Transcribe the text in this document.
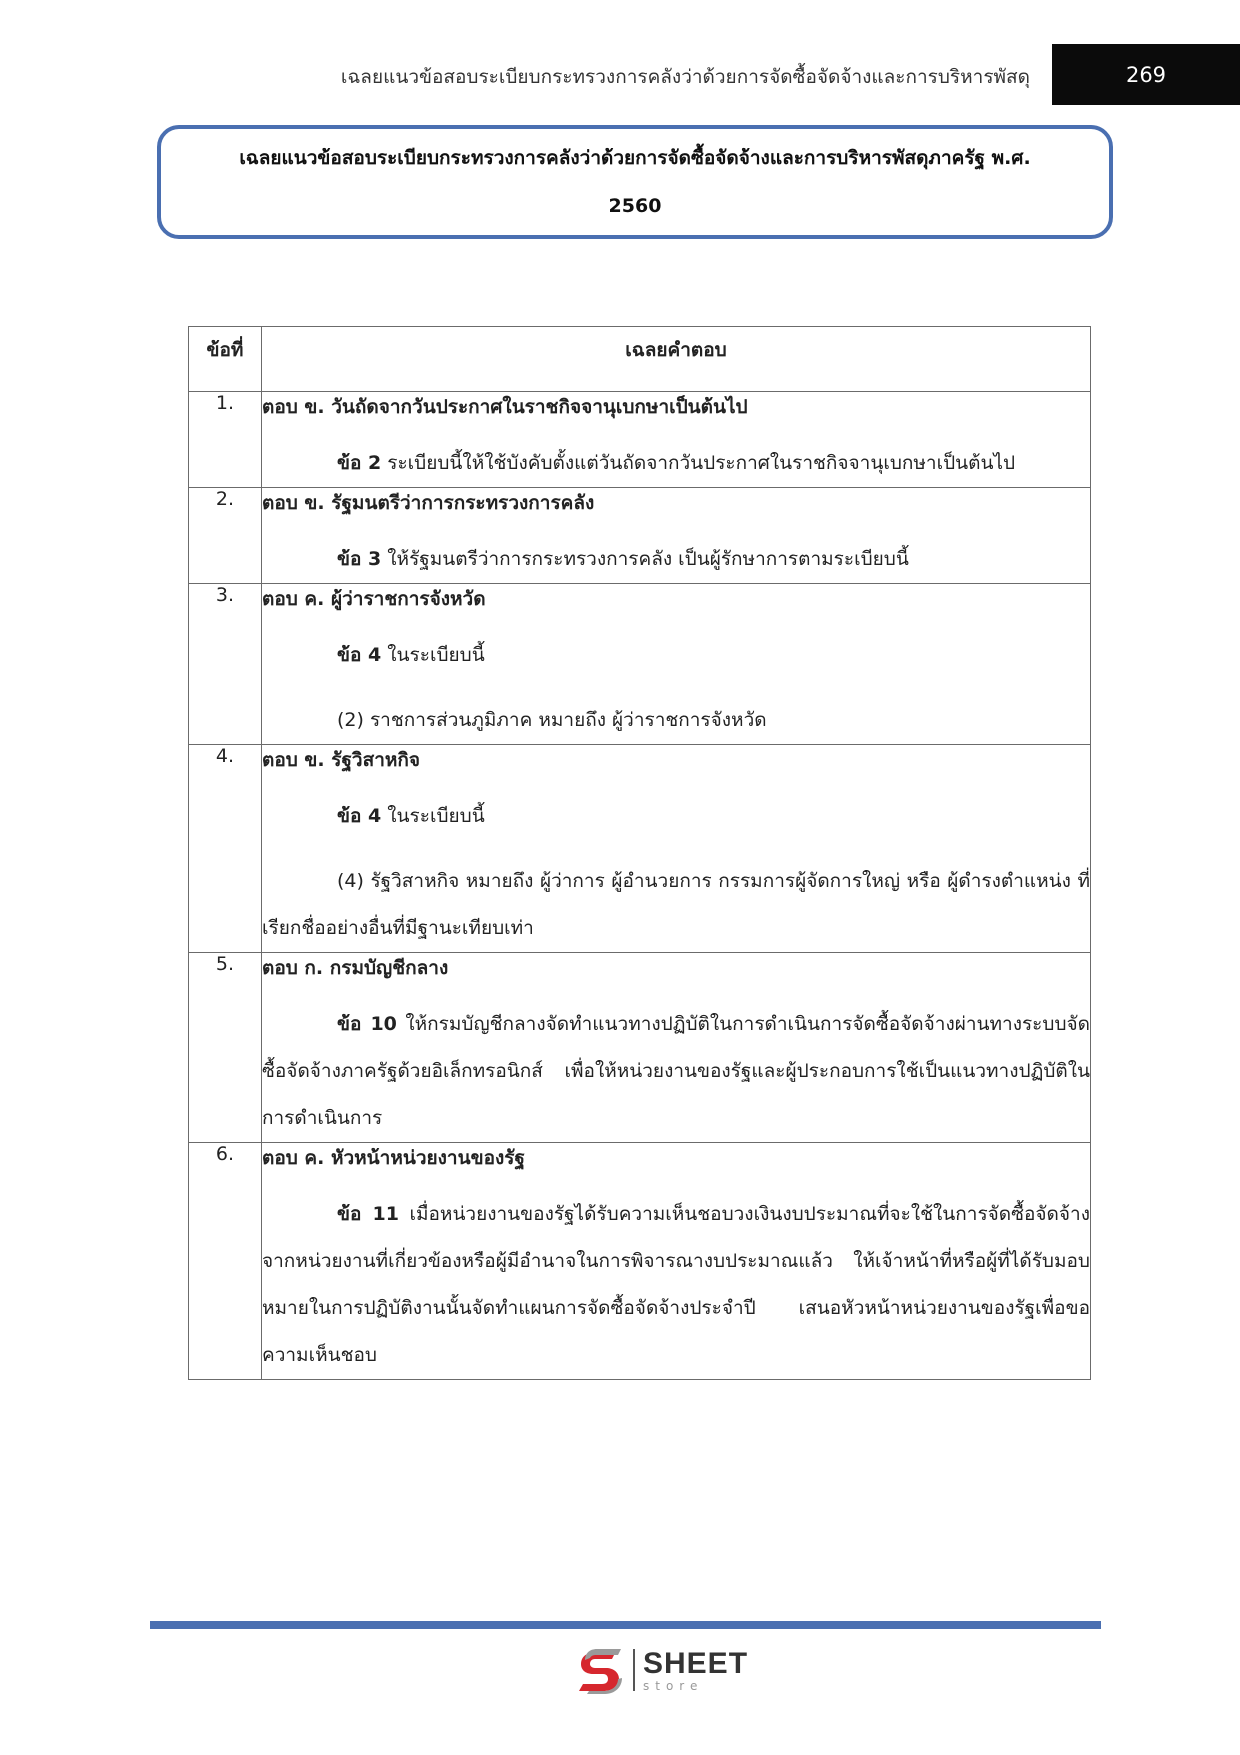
เฉลยแนวข้อสอบระเบียบกระทรวงการคลังว่าด้วยการจัดซื้อจัดจ้างและการบริหารพัสดุ	269
เฉลยแนวข้อสอบระเบียบกระทรวงการคลังว่าด้วยการจัดซื้อจัดจ้างและการบริหารพัสดุภาครัฐ พ.ศ.
2560
ข้อที่	เฉลยคำตอบ

1.	ตอบ ข. วันถัดจากวันประกาศในราชกิจจานุเบกษาเป็นต้นไป
ข้อ 2 ระเบียบนี้ให้ใช้บังคับตั้งแต่วันถัดจากวันประกาศในราชกิจจานุเบกษาเป็นต้นไป

2.	ตอบ ข. รัฐมนตรีว่าการกระทรวงการคลัง
ข้อ 3 ให้รัฐมนตรีว่าการกระทรวงการคลัง เป็นผู้รักษาการตามระเบียบนี้

3.	ตอบ ค. ผู้ว่าราชการจังหวัด
ข้อ 4 ในระเบียบนี้
(2) ราชการส่วนภูมิภาค หมายถึง ผู้ว่าราชการจังหวัด

4.	ตอบ ข. รัฐวิสาหกิจ
ข้อ 4 ในระเบียบนี้
(4) รัฐวิสาหกิจ หมายถึง ผู้ว่าการ ผู้อำนวยการ กรรมการผู้จัดการใหญ่ หรือ ผู้ดำรงตำแหน่ง ที่เรียกชื่ออย่างอื่นที่มีฐานะเทียบเท่า

5.	ตอบ ก. กรมบัญชีกลาง
ข้อ 10 ให้กรมบัญชีกลางจัดทำแนวทางปฏิบัติในการดำเนินการจัดซื้อจัดจ้างผ่านทางระบบจัดซื้อจัดจ้างภาครัฐด้วยอิเล็กทรอนิกส์ เพื่อให้หน่วยงานของรัฐและผู้ประกอบการใช้เป็นแนวทางปฏิบัติในการดำเนินการ

6.	ตอบ ค. หัวหน้าหน่วยงานของรัฐ
ข้อ 11 เมื่อหน่วยงานของรัฐได้รับความเห็นชอบวงเงินงบประมาณที่จะใช้ในการจัดซื้อจัดจ้างจากหน่วยงานที่เกี่ยวข้องหรือผู้มีอำนาจในการพิจารณางบประมาณแล้ว ให้เจ้าหน้าที่หรือผู้ที่ได้รับมอบหมายในการปฏิบัติงานนั้นจัดทำแผนการจัดซื้อจัดจ้างประจำปี เสนอหัวหน้าหน่วยงานของรัฐเพื่อขอความเห็นชอบ
SHEET
store
